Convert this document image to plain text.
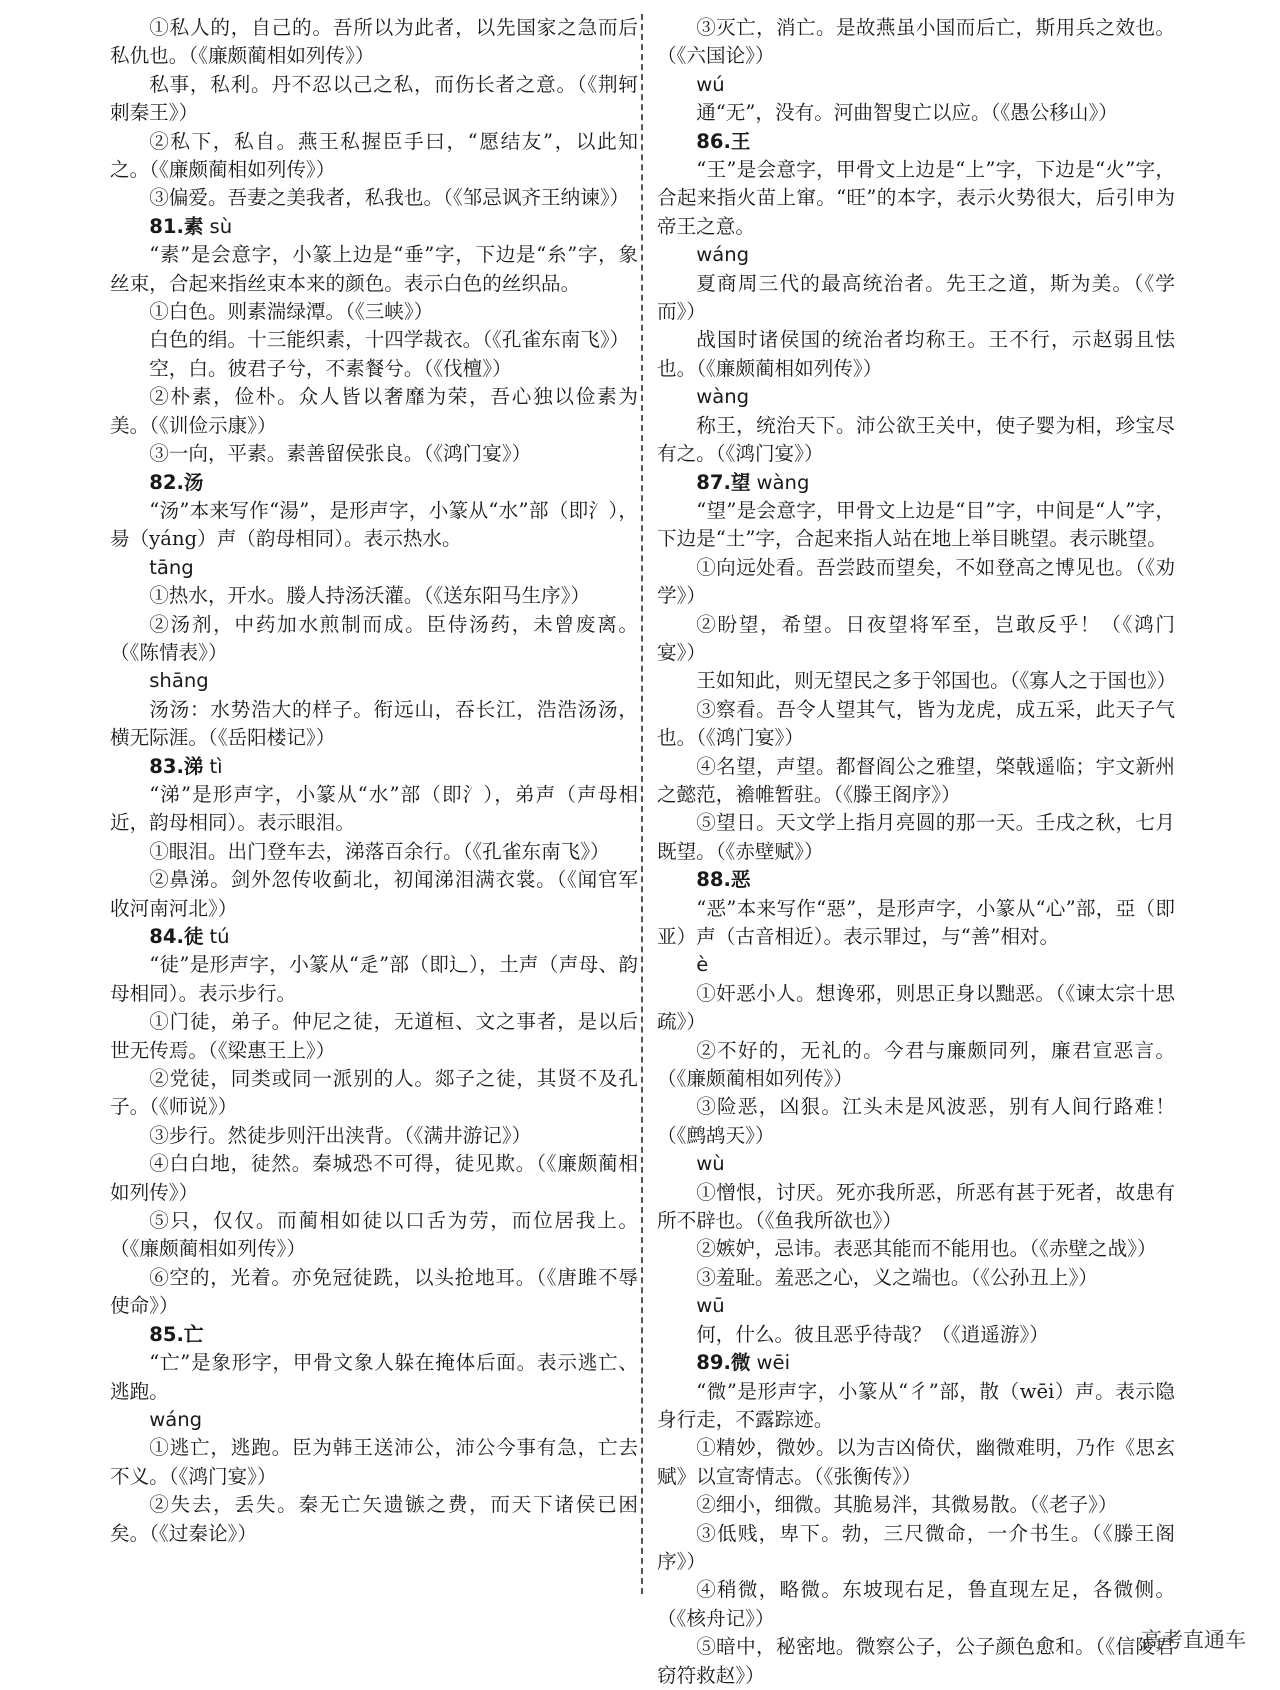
①私人的，自己的。吾所以为此者，以先国家之急而后私仇也。（《廉颇蔺相如列传》）

私事，私利。丹不忍以己之私，而伤长者之意。（《荆轲刺秦王》）

②私下，私自。燕王私握臣手曰，“愿结友”，以此知之。（《廉颇蔺相如列传》）

③偏爱。吾妻之美我者，私我也。（《邹忌讽齐王纳谏》）

81.素 sù

“素”是会意字，小篆上边是“垂”字，下边是“糸”字，象丝束，合起来指丝束本来的颜色。表示白色的丝织品。

①白色。则素湍绿潭。（《三峡》）

白色的绢。十三能织素，十四学裁衣。（《孔雀东南飞》）

空，白。彼君子兮，不素餐兮。（《伐檀》）

②朴素，俭朴。众人皆以奢靡为荣，吾心独以俭素为美。（《训俭示康》）

③一向，平素。素善留侯张良。（《鸿门宴》）

82.汤

“汤”本来写作“湯”，是形声字，小篆从“水”部（即氵），昜（yáng）声（韵母相同）。表示热水。

tāng

①热水，开水。媵人持汤沃灌。（《送东阳马生序》）

②汤剂，中药加水煎制而成。臣侍汤药，未曾废离。（《陈情表》）

shāng

汤汤：水势浩大的样子。衔远山，吞长江，浩浩汤汤，横无际涯。（《岳阳楼记》）

83.涕 tì

“涕”是形声字，小篆从“水”部（即氵），弟声（声母相近，韵母相同）。表示眼泪。

①眼泪。出门登车去，涕落百余行。（《孔雀东南飞》）

②鼻涕。剑外忽传收蓟北，初闻涕泪满衣裳。（《闻官军收河南河北》）

84.徒 tú

“徒”是形声字，小篆从“辵”部（即辶），土声（声母、韵母相同）。表示步行。

①门徒，弟子。仲尼之徒，无道桓、文之事者，是以后世无传焉。（《梁惠王上》）

②党徒，同类或同一派别的人。郯子之徒，其贤不及孔子。（《师说》）

③步行。然徒步则汗出浃背。（《满井游记》）

④白白地，徒然。秦城恐不可得，徒见欺。（《廉颇蔺相如列传》）

⑤只，仅仅。而蔺相如徒以口舌为劳，而位居我上。（《廉颇蔺相如列传》）

⑥空的，光着。亦免冠徒跣，以头抢地耳。（《唐雎不辱使命》）

85.亡

“亡”是象形字，甲骨文象人躲在掩体后面。表示逃亡、逃跑。

wáng

①逃亡，逃跑。臣为韩王送沛公，沛公今事有急，亡去不义。（《鸿门宴》）

②失去，丢失。秦无亡矢遗镞之费，而天下诸侯已困矣。（《过秦论》）

③灭亡，消亡。是故燕虽小国而后亡，斯用兵之效也。（《六国论》）

wú

通“无”，没有。河曲智叟亡以应。（《愚公移山》）

86.王

“王”是会意字，甲骨文上边是“上”字，下边是“火”字，合起来指火苗上窜。“旺”的本字，表示火势很大，后引申为帝王之意。

wáng

夏商周三代的最高统治者。先王之道，斯为美。（《学而》）

战国时诸侯国的统治者均称王。王不行，示赵弱且怯也。（《廉颇蔺相如列传》）

wàng

称王，统治天下。沛公欲王关中，使子婴为相，珍宝尽有之。（《鸿门宴》）

87.望 wàng

“望”是会意字，甲骨文上边是“目”字，中间是“人”字，下边是“土”字，合起来指人站在地上举目眺望。表示眺望。

①向远处看。吾尝跂而望矣，不如登高之博见也。（《劝学》）

②盼望，希望。日夜望将军至，岂敢反乎！（《鸿门宴》）

王如知此，则无望民之多于邻国也。（《寡人之于国也》）

③察看。吾令人望其气，皆为龙虎，成五采，此天子气也。（《鸿门宴》）

④名望，声望。都督阎公之雅望，棨戟遥临；宇文新州之懿范，襜帷暂驻。（《滕王阁序》）

⑤望日。天文学上指月亮圆的那一天。壬戌之秋，七月既望。（《赤壁赋》）

88.恶

“恶”本来写作“惡”，是形声字，小篆从“心”部，亞（即亚）声（古音相近）。表示罪过，与“善”相对。

è

①奸恶小人。想谗邪，则思正身以黜恶。（《谏太宗十思疏》）

②不好的，无礼的。今君与廉颇同列，廉君宣恶言。（《廉颇蔺相如列传》）

③险恶，凶狠。江头未是风波恶，别有人间行路难！（《鹧鸪天》）

wù

①憎恨，讨厌。死亦我所恶，所恶有甚于死者，故患有所不辟也。（《鱼我所欲也》）

②嫉妒，忌讳。表恶其能而不能用也。（《赤壁之战》）

③羞耻。羞恶之心，义之端也。（《公孙丑上》）

wū

何，什么。彼且恶乎待哉？（《逍遥游》）

89.微 wēi

“微”是形声字，小篆从“彳”部，散（wēi）声。表示隐身行走，不露踪迹。

①精妙，微妙。以为吉凶倚伏，幽微难明，乃作《思玄赋》以宣寄情志。（《张衡传》）

②细小，细微。其脆易泮，其微易散。（《老子》）

③低贱，卑下。勃，三尺微命，一介书生。（《滕王阁序》）

④稍微，略微。东坡现右足，鲁直现左足，各微侧。（《核舟记》）

⑤暗中，秘密地。微察公子，公子颜色愈和。（《信陵君窃符救赵》）

高考直通车
